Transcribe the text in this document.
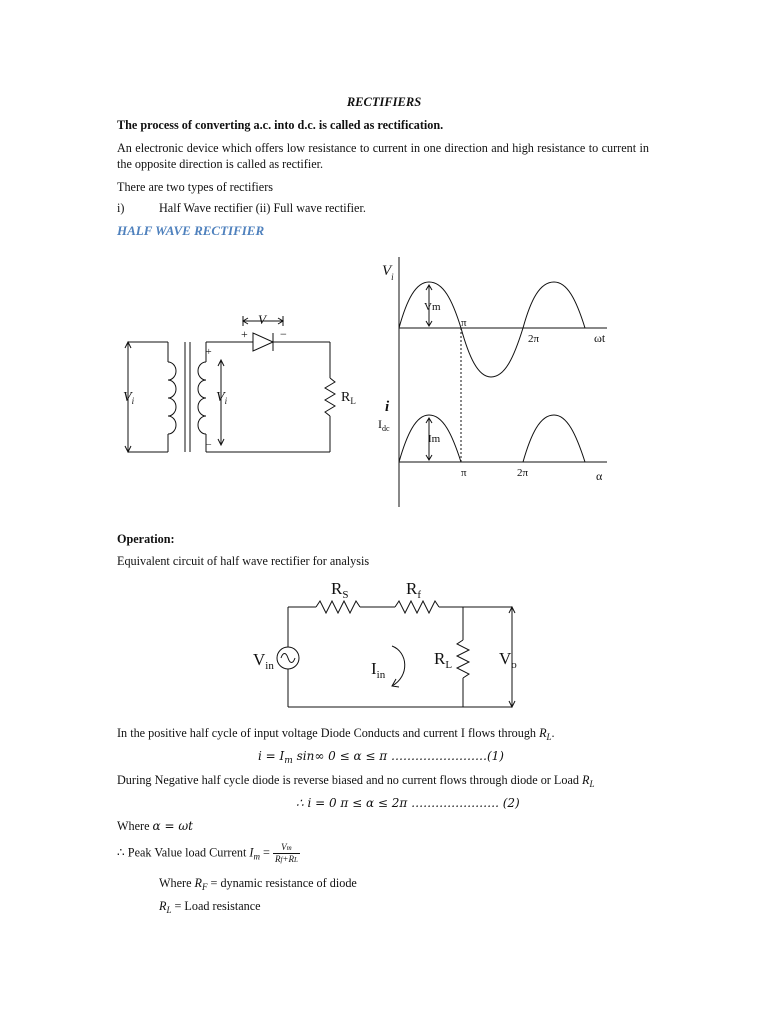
RECTIFIERS
The process of converting a.c. into d.c. is called as rectification.
An electronic device which offers low resistance to current in one direction and high resistance to current in the opposite direction is called as rectifier.
There are two types of rectifiers
i)	Half Wave rectifier (ii) Full wave rectifier.
HALF WAVE RECTIFIER
V
+	−
+
−
$V_i$	$V_i$	$R_L$
$V_i$
Vm
π
2π	ωt
i
$I_{dc}$
Im
π	2π	α
Operation:
Equivalent circuit of half wave rectifier for analysis
$R_S$	$R_f$
$V_{in}$	$I_{in}$
$R_L$	$V_o$
In the positive half cycle of input voltage Diode Conducts and current I flows through $R_L$.
$i = I_m$ sin∞ 0 ≤ α ≤ π ……………………(1)
During Negative half cycle diode is reverse biased and no current flows through diode or Load $R_L$
∴ i = 0 π ≤ α ≤ 2π …………………. (2)
Where α = ωt
∴ Peak Value load Current $I_m = \frac{Vm}{Rf+RL}$
Where $R_F$ = dynamic resistance of diode
$R_L$ = Load resistance
